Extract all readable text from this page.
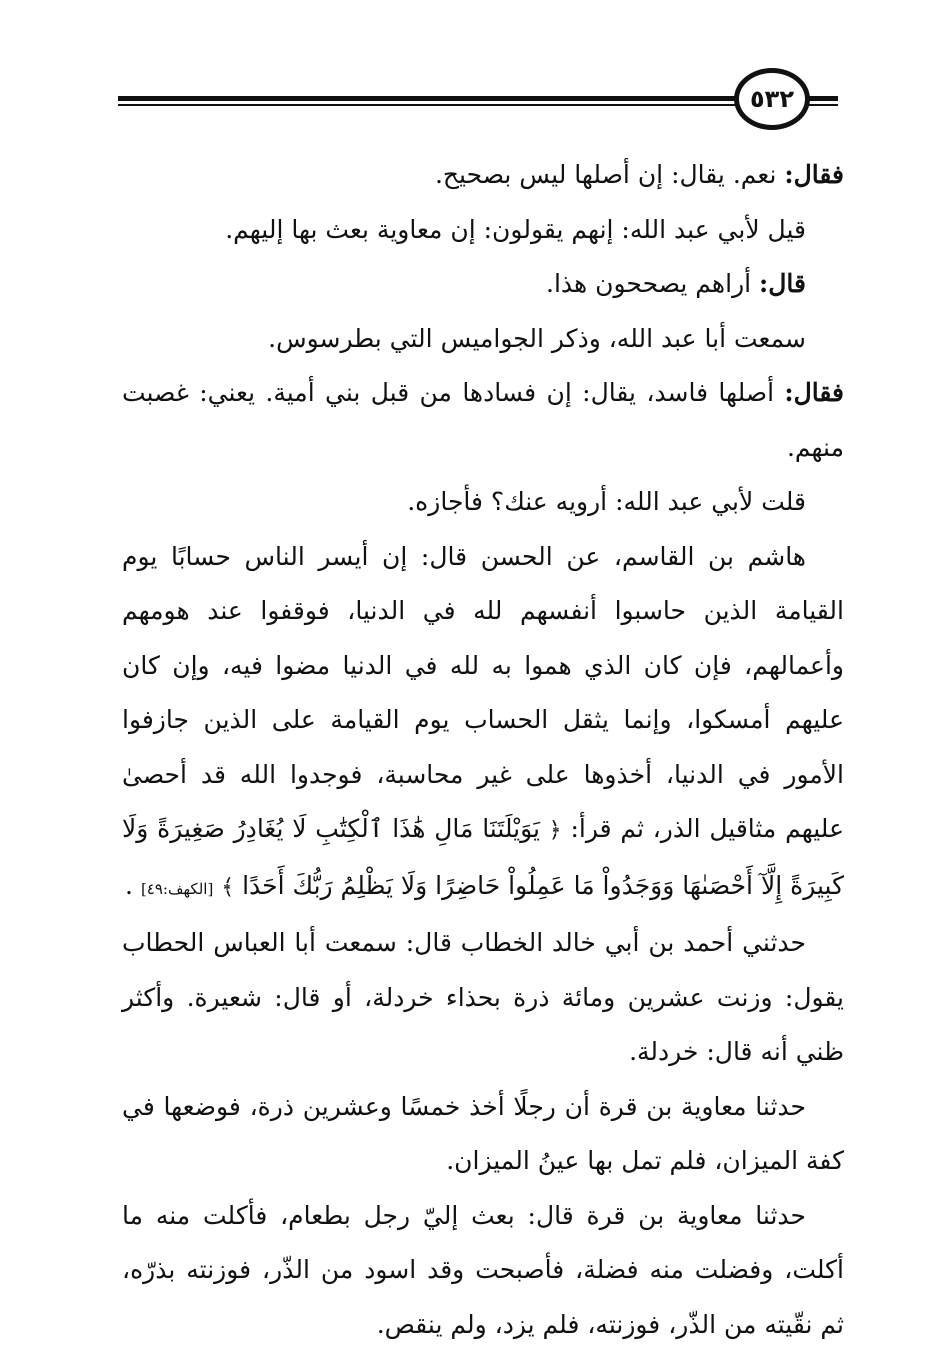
٥٣٢

فقال: نعم. يقال: إن أصلها ليس بصحيح.

قيل لأبي عبد الله: إنهم يقولون: إن معاوية بعث بها إليهم.

قال: أراهم يصححون هذا.

سمعت أبا عبد الله، وذكر الجواميس التي بطرسوس.

فقال: أصلها فاسد، يقال: إن فسادها من قبل بني أمية. يعني: غصبت منهم.

قلت لأبي عبد الله: أرويه عنك؟ فأجازه.

هاشم بن القاسم، عن الحسن قال: إن أيسر الناس حسابًا يوم القيامة الذين حاسبوا أنفسهم لله في الدنيا، فوقفوا عند هومهم وأعمالهم، فإن كان الذي هموا به لله في الدنيا مضوا فيه، وإن كان عليهم أمسكوا، وإنما يثقل الحساب يوم القيامة على الذين جازفوا الأمور في الدنيا، أخذوها على غير محاسبة، فوجدوا الله قد أحصىٰ عليهم مثاقيل الذر، ثم قرأ: ﴿ يَوَيْلَتَنَا مَالِ هَٰذَا ٱلْكِتَٰبِ لَا يُغَادِرُ صَغِيرَةً وَلَا كَبِيرَةً إِلَّآ أَحْصَىٰهَا وَوَجَدُواْ مَا عَمِلُواْ حَاضِرًا وَلَا يَظْلِمُ رَبُّكَ أَحَدًا ﴾ [الكهف:٤٩] .

حدثني أحمد بن أبي خالد الخطاب قال: سمعت أبا العباس الحطاب يقول: وزنت عشرين ومائة ذرة بحذاء خردلة، أو قال: شعيرة. وأكثر ظني أنه قال: خردلة.

حدثنا معاوية بن قرة أن رجلًا أخذ خمسًا وعشرين ذرة، فوضعها في كفة الميزان، فلم تمل بها عينُ الميزان.

حدثنا معاوية بن قرة قال: بعث إليّ رجل بطعام، فأكلت منه ما أكلت، وفضلت منه فضلة، فأصبحت وقد اسود من الذّر، فوزنته بذرّه، ثم نقّيته من الذّر، فوزنته، فلم يزد، ولم ينقص.
